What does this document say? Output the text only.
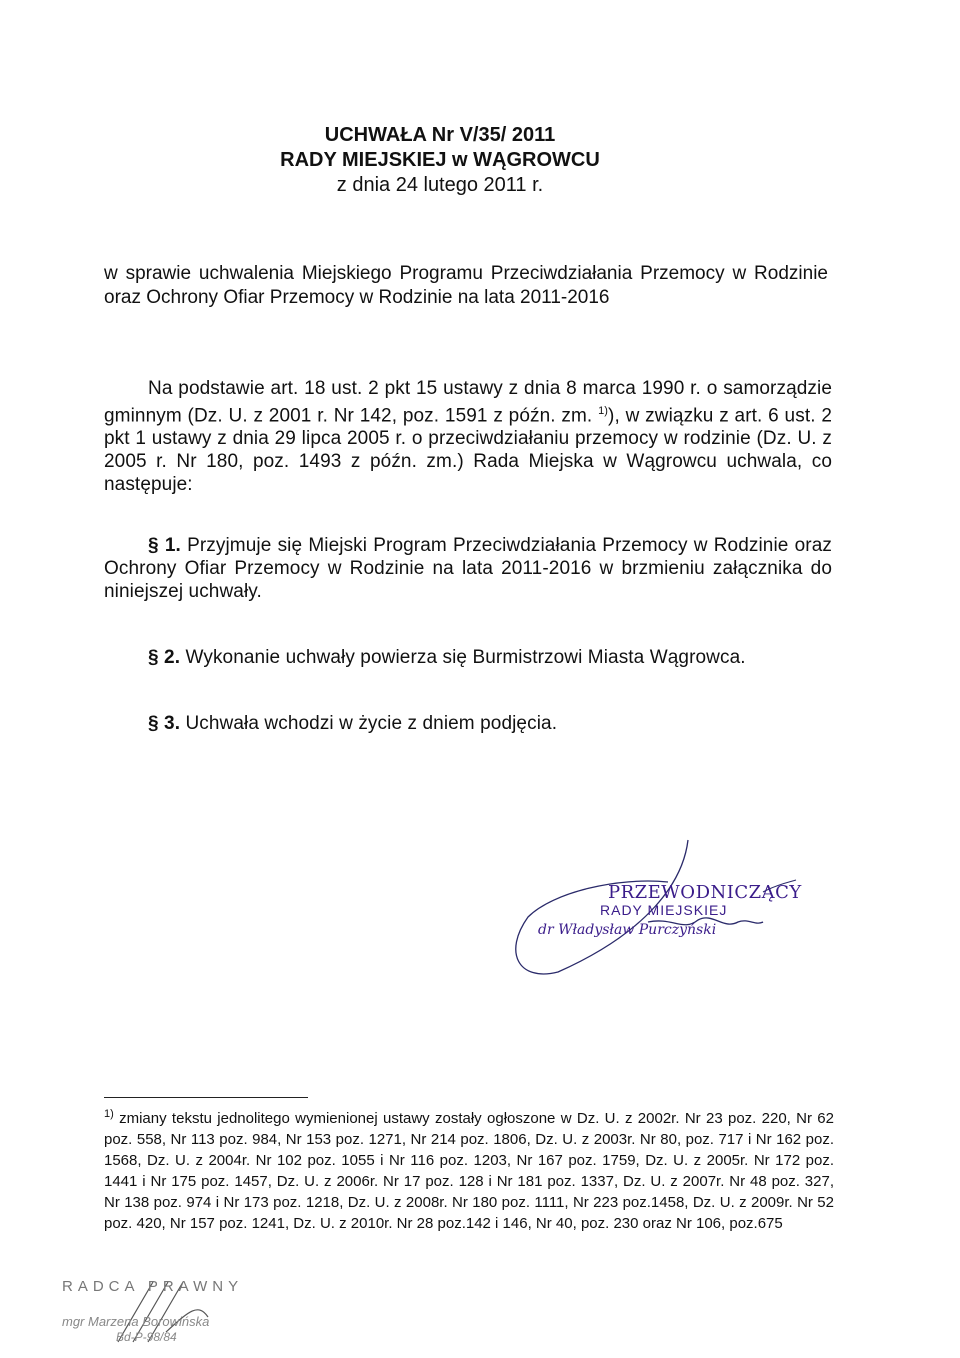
UCHWAŁA Nr V/35/ 2011
RADY MIEJSKIEJ w WĄGROWCU
z dnia 24 lutego 2011 r.
w sprawie uchwalenia Miejskiego Programu Przeciwdziałania Przemocy w Rodzinie oraz Ochrony Ofiar Przemocy w Rodzinie na lata 2011-2016
Na podstawie art. 18 ust. 2 pkt 15 ustawy z dnia 8 marca 1990 r. o samorządzie gminnym (Dz. U. z 2001 r. Nr 142, poz. 1591 z późn. zm. $^{1)}$), w związku z art. 6 ust. 2 pkt 1 ustawy z dnia 29 lipca 2005 r. o przeciwdziałaniu przemocy w rodzinie (Dz. U. z 2005 r. Nr 180, poz. 1493 z późn. zm.) Rada Miejska w Wągrowcu uchwala, co następuje:
§ 1. Przyjmuje się Miejski Program Przeciwdziałania Przemocy w Rodzinie oraz Ochrony Ofiar Przemocy w Rodzinie na lata 2011-2016 w brzmieniu załącznika do niniejszej uchwały.
§ 2. Wykonanie uchwały powierza się Burmistrzowi Miasta Wągrowca.
§ 3. Uchwała wchodzi w życie z dniem podjęcia.
PRZEWODNICZĄCY
RADY MIEJSKIEJ
dr Władysław Purczyński
$^{1)}$ zmiany tekstu jednolitego wymienionej ustawy zostały ogłoszone w Dz. U. z 2002r. Nr 23 poz. 220, Nr 62 poz. 558, Nr 113 poz. 984, Nr 153 poz. 1271, Nr 214 poz. 1806, Dz. U. z 2003r. Nr 80, poz. 717 i Nr 162 poz. 1568, Dz. U. z 2004r. Nr 102 poz. 1055 i Nr 116 poz. 1203, Nr 167 poz. 1759, Dz. U. z 2005r. Nr 172 poz. 1441 i Nr 175 poz. 1457, Dz. U. z 2006r. Nr 17 poz. 128 i Nr 181 poz. 1337, Dz. U. z 2007r. Nr 48 poz. 327, Nr 138 poz. 974 i Nr 173 poz. 1218, Dz. U. z 2008r. Nr 180 poz. 1111, Nr 223 poz.1458, Dz. U. z 2009r. Nr 52 poz. 420, Nr 157 poz. 1241, Dz. U. z 2010r. Nr 28 poz.142 i 146, Nr 40, poz. 230 oraz Nr 106, poz.675
RADCA PRAWNY
mgr Marzena Borowińska
Bd-P-98/84
